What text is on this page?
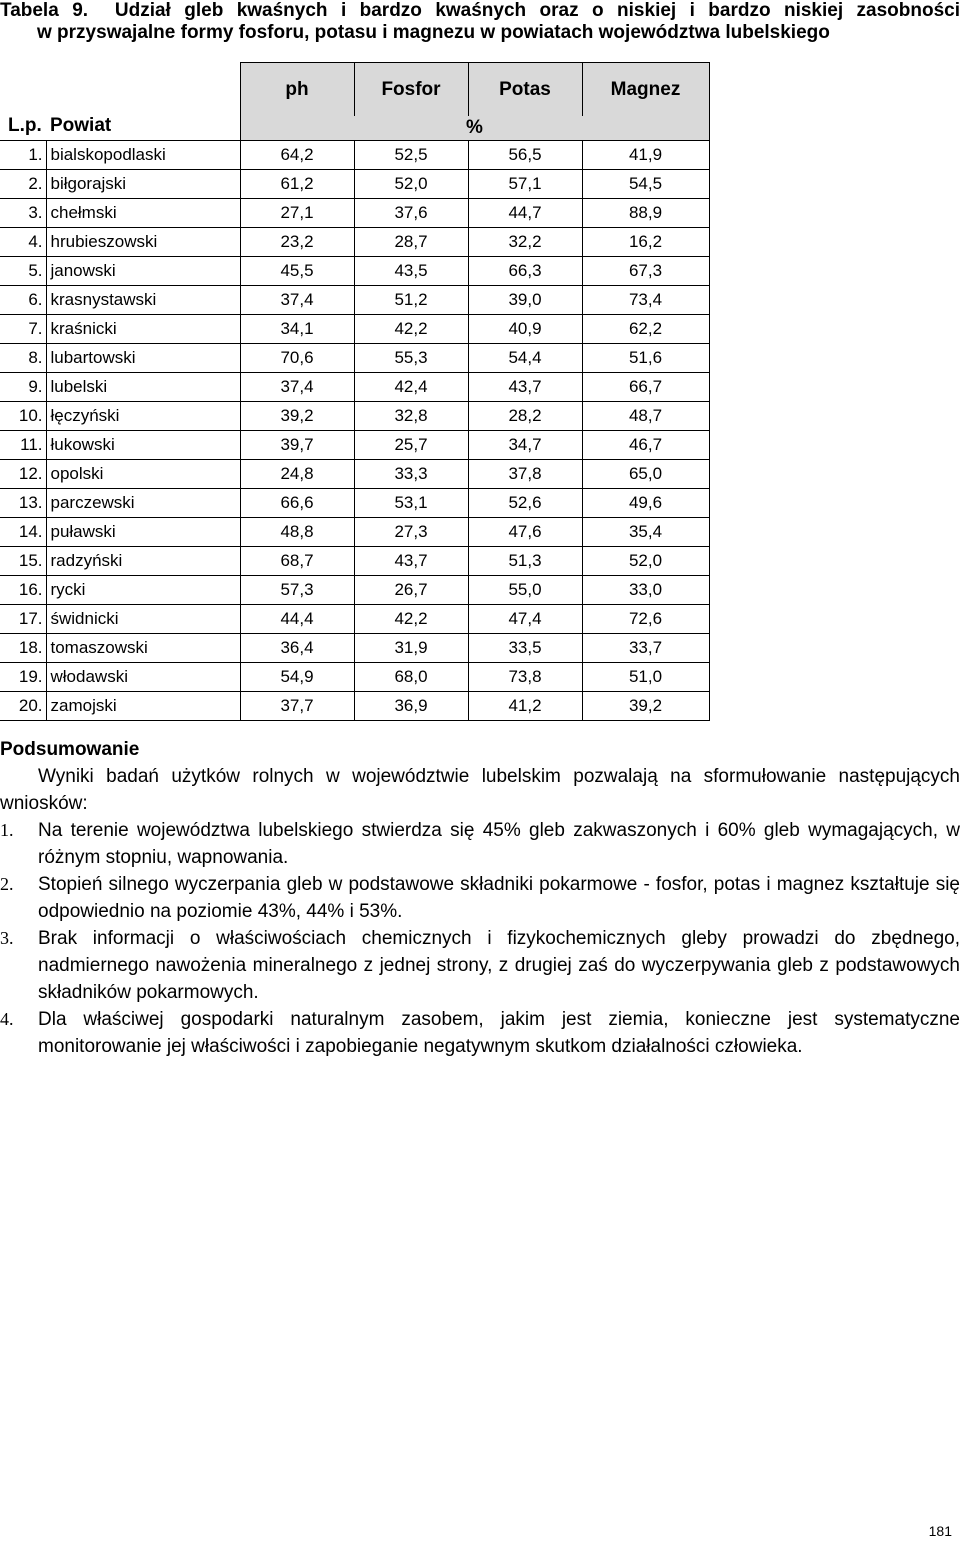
Tabela 9. Udział gleb kwaśnych i bardzo kwaśnych oraz o niskiej i bardzo niskiej zasobności
w przyswajalne formy fosforu, potasu i magnezu w powiatach województwa lubelskiego
L.p.	Powiat	ph	Fosfor	Potas	Magnez
		%			
1.	bialskopodlaski	64,2	52,5	56,5	41,9
2.	biłgorajski	61,2	52,0	57,1	54,5
3.	chełmski	27,1	37,6	44,7	88,9
4.	hrubieszowski	23,2	28,7	32,2	16,2
5.	janowski	45,5	43,5	66,3	67,3
6.	krasnystawski	37,4	51,2	39,0	73,4
7.	kraśnicki	34,1	42,2	40,9	62,2
8.	lubartowski	70,6	55,3	54,4	51,6
9.	lubelski	37,4	42,4	43,7	66,7
10.	łęczyński	39,2	32,8	28,2	48,7
11.	łukowski	39,7	25,7	34,7	46,7
12.	opolski	24,8	33,3	37,8	65,0
13.	parczewski	66,6	53,1	52,6	49,6
14.	puławski	48,8	27,3	47,6	35,4
15.	radzyński	68,7	43,7	51,3	52,0
16.	rycki	57,3	26,7	55,0	33,0
17.	świdnicki	44,4	42,2	47,4	72,6
18.	tomaszowski	36,4	31,9	33,5	33,7
19.	włodawski	54,9	68,0	73,8	51,0
20.	zamojski	37,7	36,9	41,2	39,2
Podsumowanie

Wyniki badań użytków rolnych w województwie lubelskim pozwalają na sformułowanie następujących wniosków:

1. Na terenie województwa lubelskiego stwierdza się 45% gleb zakwaszonych i 60% gleb wymagających, w różnym stopniu, wapnowania.
2. Stopień silnego wyczerpania gleb w podstawowe składniki pokarmowe - fosfor, potas i magnez kształtuje się odpowiednio na poziomie 43%, 44% i 53%.
3. Brak informacji o właściwościach chemicznych i fizykochemicznych gleby prowadzi do zbędnego, nadmiernego nawożenia mineralnego z jednej strony, z drugiej zaś do wyczerpywania gleb z podstawowych składników pokarmowych.
4. Dla właściwej gospodarki naturalnym zasobem, jakim jest ziemia, konieczne jest systematyczne monitorowanie jej właściwości i zapobieganie negatywnym skutkom działalności człowieka.
181
